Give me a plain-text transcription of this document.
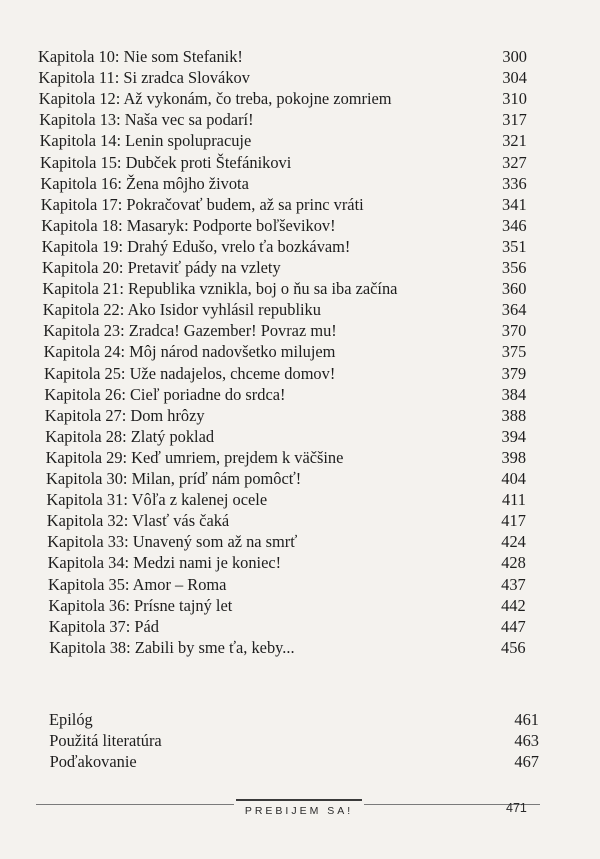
Kapitola 10: Nie som Stefanik!	300
Kapitola 11: Si zradca Slovákov	304
Kapitola 12: Až vykonám, čo treba, pokojne zomriem	310
Kapitola 13: Naša vec sa podarí!	317
Kapitola 14: Lenin spolupracuje	321
Kapitola 15: Dubček proti Štefánikovi	327
Kapitola 16: Žena môjho života	336
Kapitola 17: Pokračovať budem, až sa princ vráti	341
Kapitola 18: Masaryk: Podporte boľševikov!	346
Kapitola 19: Drahý Edušo, vrelo ťa bozkávam!	351
Kapitola 20: Pretaviť pády na vzlety	356
Kapitola 21: Republika vznikla, boj o ňu sa iba začína	360
Kapitola 22: Ako Isidor vyhlásil republiku	364
Kapitola 23: Zradca! Gazember! Povraz mu!	370
Kapitola 24: Môj národ nadovšetko milujem	375
Kapitola 25: Uže nadajelos, chceme domov!	379
Kapitola 26: Cieľ poriadne do srdca!	384
Kapitola 27: Dom hrôzy	388
Kapitola 28: Zlatý poklad	394
Kapitola 29: Keď umriem, prejdem k väčšine	398
Kapitola 30: Milan, príď nám pomôcť!	404
Kapitola 31: Vôľa z kalenej ocele	411
Kapitola 32: Vlasť vás čaká	417
Kapitola 33: Unavený som až na smrť	424
Kapitola 34: Medzi nami je koniec!	428
Kapitola 35: Amor – Roma	437
Kapitola 36: Prísne tajný let	442
Kapitola 37: Pád	447
Kapitola 38: Zabili by sme ťa, keby...	456
Epilóg	461
Použitá literatúra	463
Poďakovanie	467
PREBIJEM SA!	471
